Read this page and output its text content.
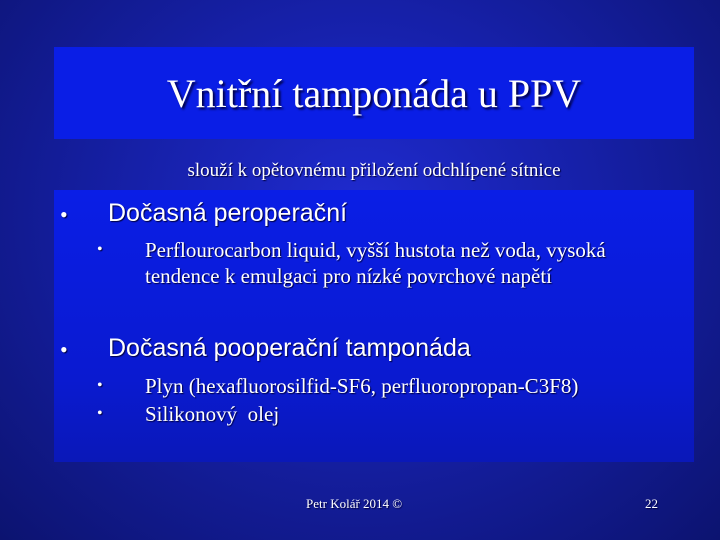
Vnitřní tamponáda u PPV
slouží k opětovnému přiložení odchlípené sítnice
• Dočasná peroperační
• Perflourocarbon liquid, vyšší hustota než voda, vysoká tendence k emulgaci pro nízké povrchové napětí
• Dočasná pooperační tamponáda
• Plyn (hexafluorosilfid-SF6, perfluoropropan-C3F8)
• Silikonový  olej
Petr Kolář 2014 ©	22
